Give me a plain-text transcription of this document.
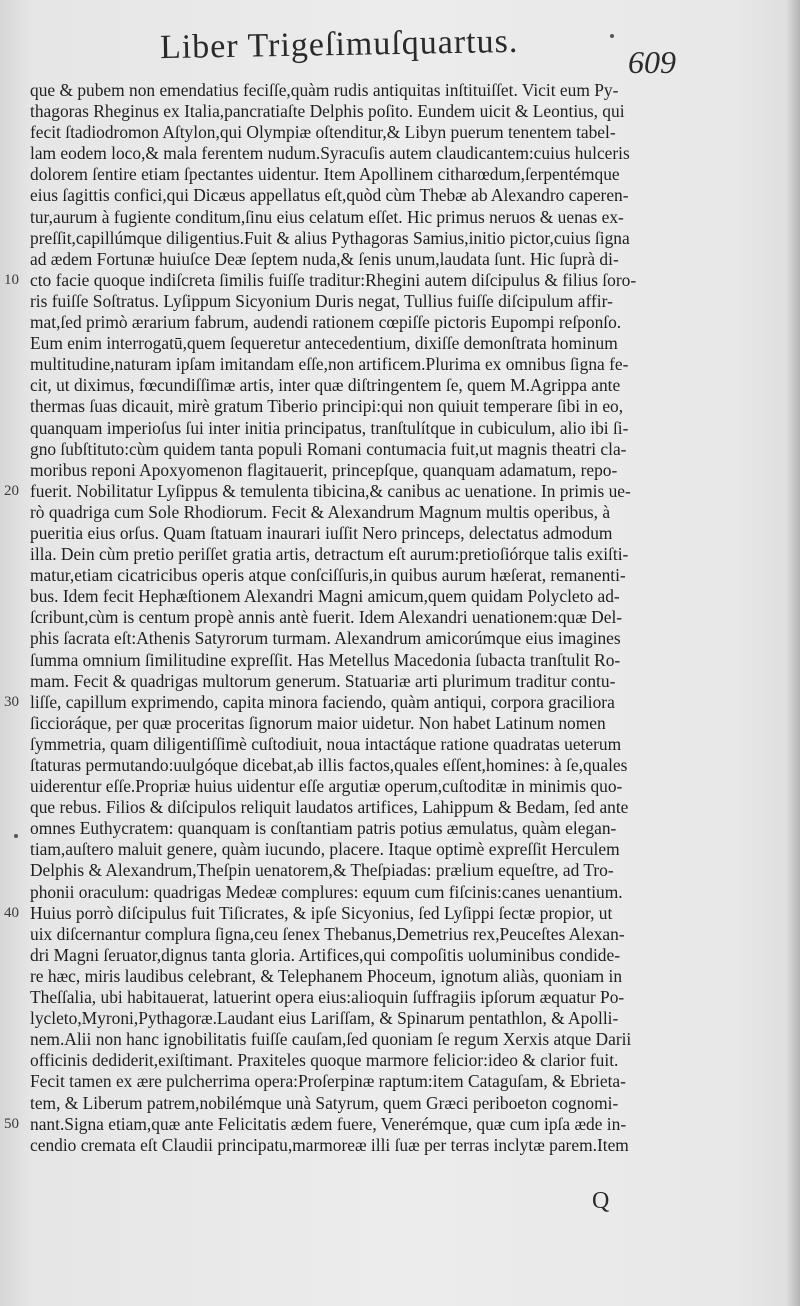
Liber Trigeſimuſquartus.	609
que & pubem non emendatius feciſſe,quàm rudis antiquitas inſtituiſſet. Vicit eum Py-
thagoras Rheginus ex Italia,pancratiaſte Delphis poſito. Eundem uicit & Leontius, qui
fecit ſtadiodromon Aſtylon,qui Olympiæ oſtenditur,& Libyn puerum tenentem tabel-
lam eodem loco,& mala ferentem nudum.Syracuſis autem claudicantem:cuius hulceris
dolorem ſentire etiam ſpectantes uidentur. Item Apollinem citharœdum,ſerpentémque
eius ſagittis confici,qui Dicæus appellatus eſt,quòd cùm Thebæ ab Alexandro caperen-
tur,aurum à fugiente conditum,ſinu eius celatum eſſet. Hic primus neruos & uenas ex-
preſſit,capillúmque diligentius.Fuit & alius Pythagoras Samius,initio pictor,cuius ſigna
ad ædem Fortunæ huiuſce Deæ ſeptem nuda,& ſenis unum,laudata ſunt. Hic ſuprà di-
cto facie quoque indiſcreta ſimilis fuiſſe traditur:Rhegini autem diſcipulus & filius ſoro-
10
ris fuiſſe Soſtratus. Lyſippum Sicyonium Duris negat, Tullius fuiſſe diſcipulum affir-
mat,ſed primò ærarium fabrum, audendi rationem cœpiſſe pictoris Eupompi reſponſo.
Eum enim interrogatū,quem ſequeretur antecedentium, dixiſſe demonſtrata hominum
multitudine,naturam ipſam imitandam eſſe,non artificem.Plurima ex omnibus ſigna fe-
cit, ut diximus, fœcundiſſimæ artis, inter quæ diſtringentem ſe, quem M.Agrippa ante
thermas ſuas dicauit, mirè gratum Tiberio principi:qui non quiuit temperare ſibi in eo,
quanquam imperioſus ſui inter initia principatus, tranſtulítque in cubiculum, alio ibi ſi-
gno ſubſtituto:cùm quidem tanta populi Romani contumacia fuit,ut magnis theatri cla-
moribus reponi Apoxyomenon flagitauerit, princepſque, quanquam adamatum, repo-
fuerit. Nobilitatur Lyſippus & temulenta tibicina,& canibus ac uenatione. In primis ue-
20
rò quadriga cum Sole Rhodiorum. Fecit & Alexandrum Magnum multis operibus, à
pueritia eius orſus. Quam ſtatuam inaurari iuſſit Nero princeps, delectatus admodum
illa. Dein cùm pretio periſſet gratia artis, detractum eſt aurum:pretioſiórque talis exiſti-
matur,etiam cicatricibus operis atque conſciſſuris,in quibus aurum hæſerat, remanenti-
bus. Idem fecit Hephæſtionem Alexandri Magni amicum,quem quidam Polycleto ad-
ſcribunt,cùm is centum propè annis antè fuerit. Idem Alexandri uenationem:quæ Del-
phis ſacrata eſt:Athenis Satyrorum turmam. Alexandrum amicorúmque eius imagines
ſumma omnium ſimilitudine expreſſit. Has Metellus Macedonia ſubacta tranſtulit Ro-
mam. Fecit & quadrigas multorum generum. Statuariæ arti plurimum traditur contu-
liſſe, capillum exprimendo, capita minora faciendo, quàm antiqui, corpora graciliora
30
ſiccioráque, per quæ proceritas ſignorum maior uidetur. Non habet Latinum nomen
ſymmetria, quam diligentiſſimè cuſtodiuit, noua intactáque ratione quadratas ueterum
ſtaturas permutando:uulgóque dicebat,ab illis factos,quales eſſent,homines: à ſe,quales
uiderentur eſſe.Propriæ huius uidentur eſſe argutiæ operum,cuſtoditæ in minimis quo-
que rebus. Filios & diſcipulos reliquit laudatos artifices, Lahippum & Bedam, ſed ante
omnes Euthycratem: quanquam is conſtantiam patris potius æmulatus, quàm elegan-
tiam,auſtero maluit genere, quàm iucundo, placere. Itaque optimè expreſſit Herculem
Delphis & Alexandrum,Theſpin uenatorem,& Theſpiadas: prælium equeſtre, ad Tro-
phonii oraculum: quadrigas Medeæ complures: equum cum fiſcinis:canes uenantium.
Huius porrò diſcipulus fuit Tiſicrates, & ipſe Sicyonius, ſed Lyſippi ſectæ propior, ut
40
uix diſcernantur complura ſigna,ceu ſenex Thebanus,Demetrius rex,Peuceſtes Alexan-
dri Magni ſeruator,dignus tanta gloria. Artifices,qui compoſitis uoluminibus condide-
re hæc, miris laudibus celebrant, & Telephanem Phoceum, ignotum aliàs, quoniam in
Theſſalia, ubi habitauerat, latuerint opera eius:alioquin ſuffragiis ipſorum æquatur Po-
lycleto,Myroni,Pythagoræ.Laudant eius Lariſſam, & Spinarum pentathlon, & Apolli-
nem.Alii non hanc ignobilitatis fuiſſe cauſam,ſed quoniam ſe regum Xerxis atque Darii
officinis dediderit,exiſtimant. Praxiteles quoque marmore felicior:ideo & clarior fuit.
Fecit tamen ex ære pulcherrima opera:Proſerpinæ raptum:item Cataguſam, & Ebrieta-
tem, & Liberum patrem,nobilémque unà Satyrum, quem Græci periboeton cognomi-
nant.Signa etiam,quæ ante Felicitatis ædem fuere, Venerémque, quæ cum ipſa æde in-
50
cendio cremata eſt Claudii principatu,marmoreæ illi ſuæ per terras inclytæ parem.Item
Q
